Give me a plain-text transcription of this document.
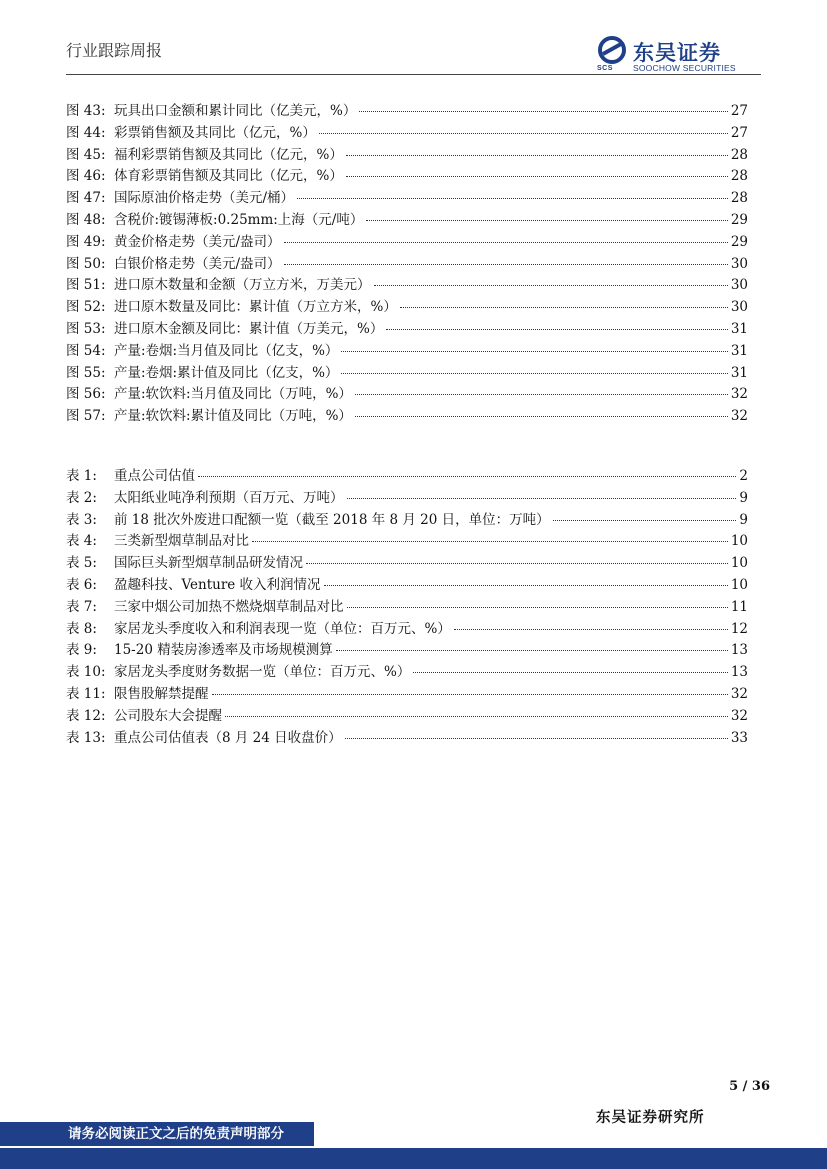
行业跟踪周报
SCS
东吴证券
SOOCHOW SECURITIES
图 43: 玩具出口金额和累计同比（亿美元，%）	27
图 44: 彩票销售额及其同比（亿元，%）	27
图 45: 福利彩票销售额及其同比（亿元，%）	28
图 46: 体育彩票销售额及其同比（亿元，%）	28
图 47: 国际原油价格走势（美元/桶）	28
图 48: 含税价:镀锡薄板:0.25mm:上海（元/吨）	29
图 49: 黄金价格走势（美元/盎司）	29
图 50: 白银价格走势（美元/盎司）	30
图 51: 进口原木数量和金额（万立方米，万美元）	30
图 52: 进口原木数量及同比：累计值（万立方米，%）	30
图 53: 进口原木金额及同比：累计值（万美元，%）	31
图 54: 产量:卷烟:当月值及同比（亿支，%）	31
图 55: 产量:卷烟:累计值及同比（亿支，%）	31
图 56: 产量:软饮料:当月值及同比（万吨，%）	32
图 57: 产量:软饮料:累计值及同比（万吨，%）	32
表 1:	重点公司估值	2
表 2:	太阳纸业吨净利预期（百万元、万吨）	9
表 3:	前 18 批次外废进口配额一览（截至 2018 年 8 月 20 日，单位：万吨）	9
表 4:	三类新型烟草制品对比	10
表 5:	国际巨头新型烟草制品研发情况	10
表 6:	盈趣科技、Venture 收入利润情况	10
表 7:	三家中烟公司加热不燃烧烟草制品对比	11
表 8:	家居龙头季度收入和利润表现一览（单位：百万元、%）	12
表 9:	15-20 精装房渗透率及市场规模测算	13
表 10: 家居龙头季度财务数据一览（单位：百万元、%）	13
表 11: 限售股解禁提醒	32
表 12: 公司股东大会提醒	32
表 13: 重点公司估值表（8 月 24 日收盘价）	33
5 / 36
东吴证券研究所
请务必阅读正文之后的免责声明部分
